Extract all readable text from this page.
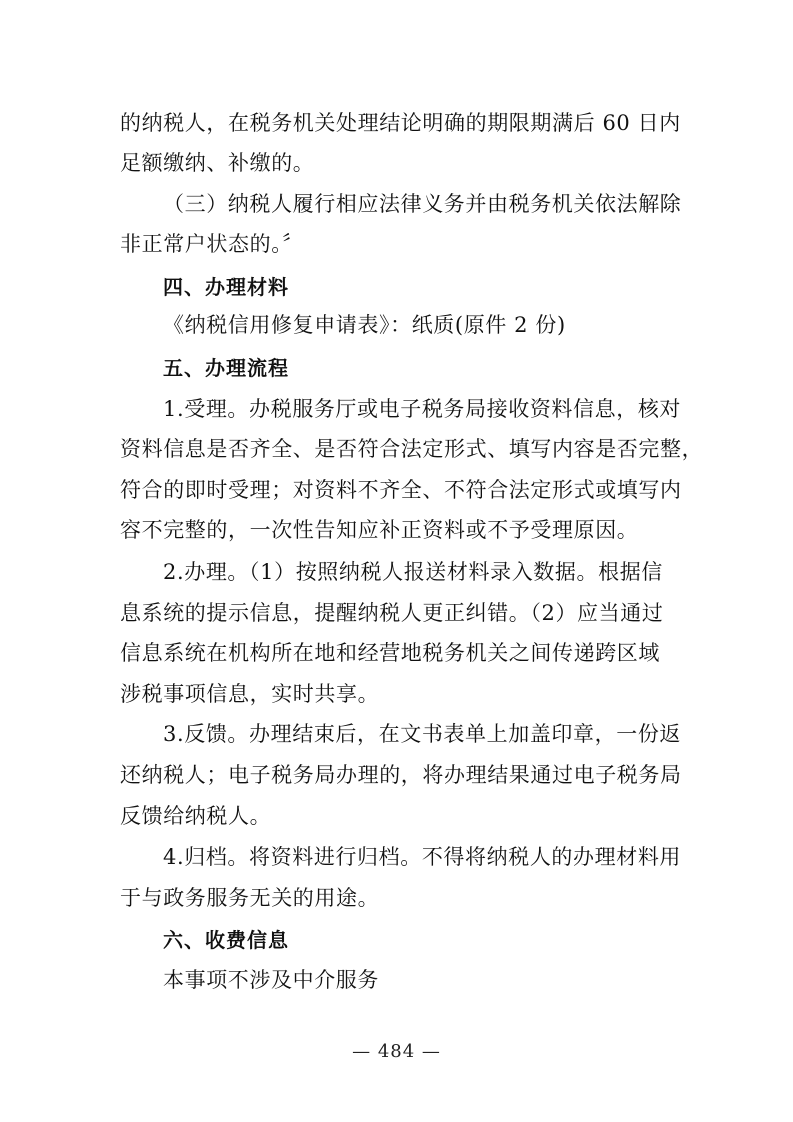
的纳税人，在税务机关处理结论明确的期限期满后 60 日内
足额缴纳、补缴的。
（三）纳税人履行相应法律义务并由税务机关依法解除
非正常户状态的。〞
四、办理材料
《纳税信用修复申请表》：纸质(原件 2 份)
五、办理流程
1.受理。办税服务厅或电子税务局接收资料信息，核对
资料信息是否齐全、是否符合法定形式、填写内容是否完整，
符合的即时受理；对资料不齐全、不符合法定形式或填写内
容不完整的，一次性告知应补正资料或不予受理原因。
2.办理。（1）按照纳税人报送材料录入数据。根据信
息系统的提示信息，提醒纳税人更正纠错。（2）应当通过
信息系统在机构所在地和经营地税务机关之间传递跨区域
涉税事项信息，实时共享。
3.反馈。办理结束后，在文书表单上加盖印章，一份返
还纳税人；电子税务局办理的，将办理结果通过电子税务局
反馈给纳税人。
4.归档。将资料进行归档。不得将纳税人的办理材料用
于与政务服务无关的用途。
六、收费信息
本事项不涉及中介服务
— 484 —
